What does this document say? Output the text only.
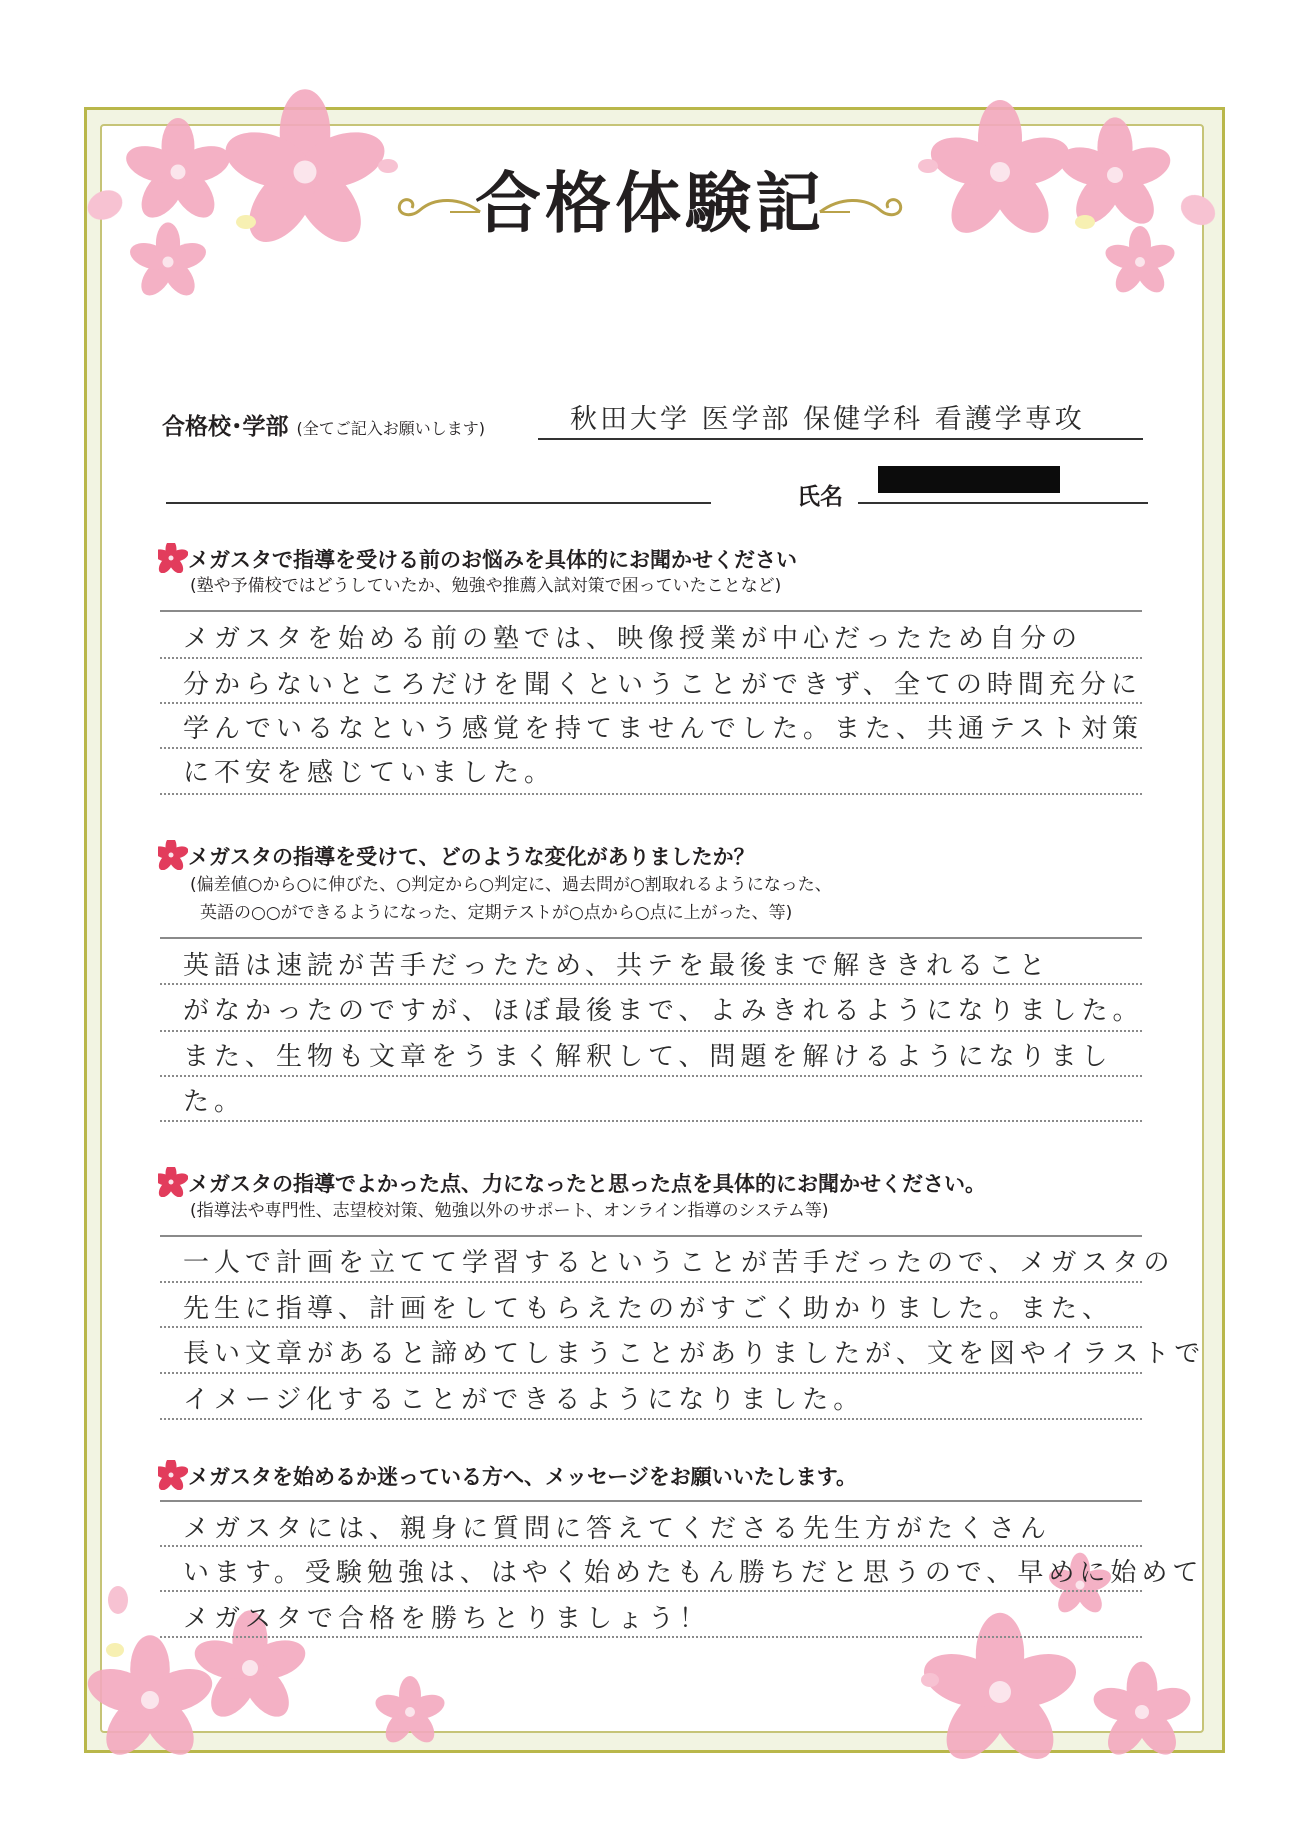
合格体験記
合格校･学部 (全てご記入お願いします)	秋田大学 医学部 保健学科 看護学専攻
氏名
メガスタで指導を受ける前のお悩みを具体的にお聞かせください
(塾や予備校ではどうしていたか、勉強や推薦入試対策で困っていたことなど)
メガスタを始める前の塾では、映像授業が中心だったため自分の
分からないところだけを聞くということができず、全ての時間充分に
学んでいるなという感覚を持てませんでした。また、共通テスト対策
に不安を感じていました。
メガスタの指導を受けて、どのような変化がありましたか？
(偏差値○から○に伸びた、○判定から○判定に、過去問が○割取れるようになった、
英語の○○ができるようになった、定期テストが○点から○点に上がった、等)
英語は速読が苦手だったため、共テを最後まで解ききれること
がなかったのですが、ほぼ最後まで、よみきれるようになりました。
また、生物も文章をうまく解釈して、問題を解けるようになりまし
た。
メガスタの指導でよかった点、力になったと思った点を具体的にお聞かせください。
(指導法や専門性、志望校対策、勉強以外のサポート、オンライン指導のシステム等)
一人で計画を立てて学習するということが苦手だったので、メガスタの
先生に指導、計画をしてもらえたのがすごく助かりました。また、
長い文章があると諦めてしまうことがありましたが、文を図やイラストで
イメージ化することができるようになりました。
メガスタを始めるか迷っている方へ、メッセージをお願いいたします。
メガスタには、親身に質問に答えてくださる先生方がたくさん
います。受験勉強は、はやく始めたもん勝ちだと思うので、早めに始めて
メガスタで合格を勝ちとりましょう！
